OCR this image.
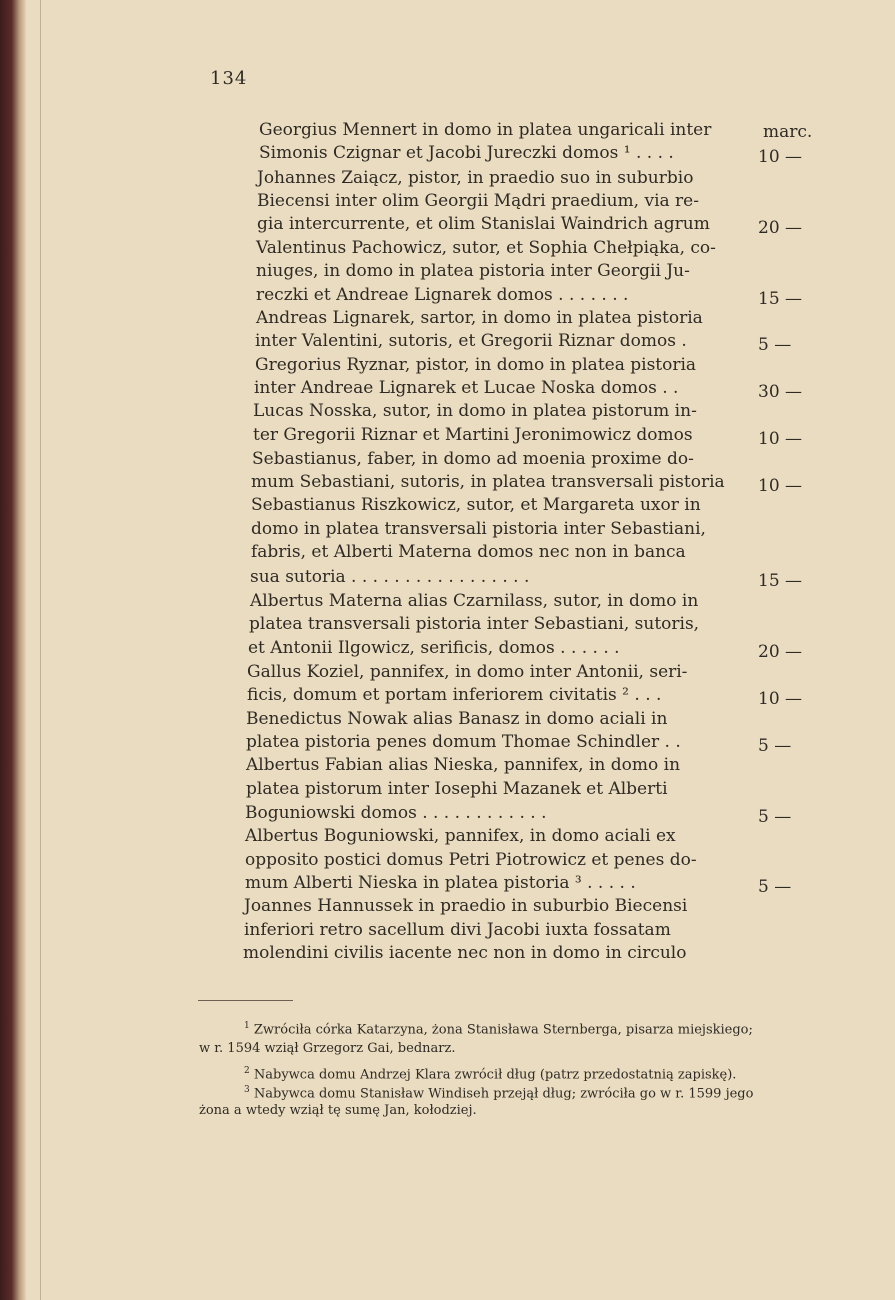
134
marc.
Georgius Mennert in domo in platea ungaricali inter
Simonis Czignar et Jacobi Jureczki domos ¹ . . . .
Johannes Zaiącz, pistor, in praedio suo in suburbio
Biecensi inter olim Georgii Mądri praedium, via re-
gia intercurrente, et olim Stanislai Waindrich agrum
Valentinus Pachowicz, sutor, et Sophia Chełpiąka, co-
niuges, in domo in platea pistoria inter Georgii Ju-
reczki et Andreae Lignarek domos . . . . . . .
Andreas Lignarek, sartor, in domo in platea pistoria
inter Valentini, sutoris, et Gregorii Riznar domos .
Gregorius Ryznar, pistor, in domo in platea pistoria
inter Andreae Lignarek et Lucae Noska domos . .
Lucas Nosska, sutor, in domo in platea pistorum in-
ter Gregorii Riznar et Martini Jeronimowicz domos
Sebastianus, faber, in domo ad moenia proxime do-
mum Sebastiani, sutoris, in platea transversali pistoria
Sebastianus Riszkowicz, sutor, et Margareta uxor in
domo in platea transversali pistoria inter Sebastiani,
fabris, et Alberti Materna domos nec non in banca
sua sutoria . . . . . . . . . . . . . . . . .
Albertus Materna alias Czarnilass, sutor, in domo in
platea transversali pistoria inter Sebastiani, sutoris,
et Antonii Ilgowicz, serificis, domos . . . . . .
Gallus Koziel, pannifex, in domo inter Antonii, seri-
ficis, domum et portam inferiorem civitatis ² . . .
Benedictus Nowak alias Banasz in domo aciali in
platea pistoria penes domum Thomae Schindler . .
Albertus Fabian alias Nieska, pannifex, in domo in
platea pistorum inter Iosephi Mazanek et Alberti
Boguniowski domos . . . . . . . . . . . .
Albertus Boguniowski, pannifex, in domo aciali ex
opposito postici domus Petri Piotrowicz et penes do-
mum Alberti Nieska in platea pistoria ³ . . . . .
Joannes Hannussek in praedio in suburbio Biecensi
inferiori retro sacellum divi Jacobi iuxta fossatam
molendini civilis iacente nec non in domo in circulo
10 —
20 —
15 —
5 —
30 —
10 —
10 —
15 —
20 —
10 —
5 —
5 —
5 —
$^1$ Zwróciła córka Katarzyna, żona Stanisława Sternberga, pisarza miejskiego;
w r. 1594 wziął Grzegorz Gai, bednarz.
$^2$ Nabywca domu Andrzej Klara zwrócił dług (patrz przedostatnią zapiskę).
$^3$ Nabywca domu Stanisław Windiseh przejął dług; zwróciła go w r. 1599 jego
żona a wtedy wziął tę sumę Jan, kołodziej.
